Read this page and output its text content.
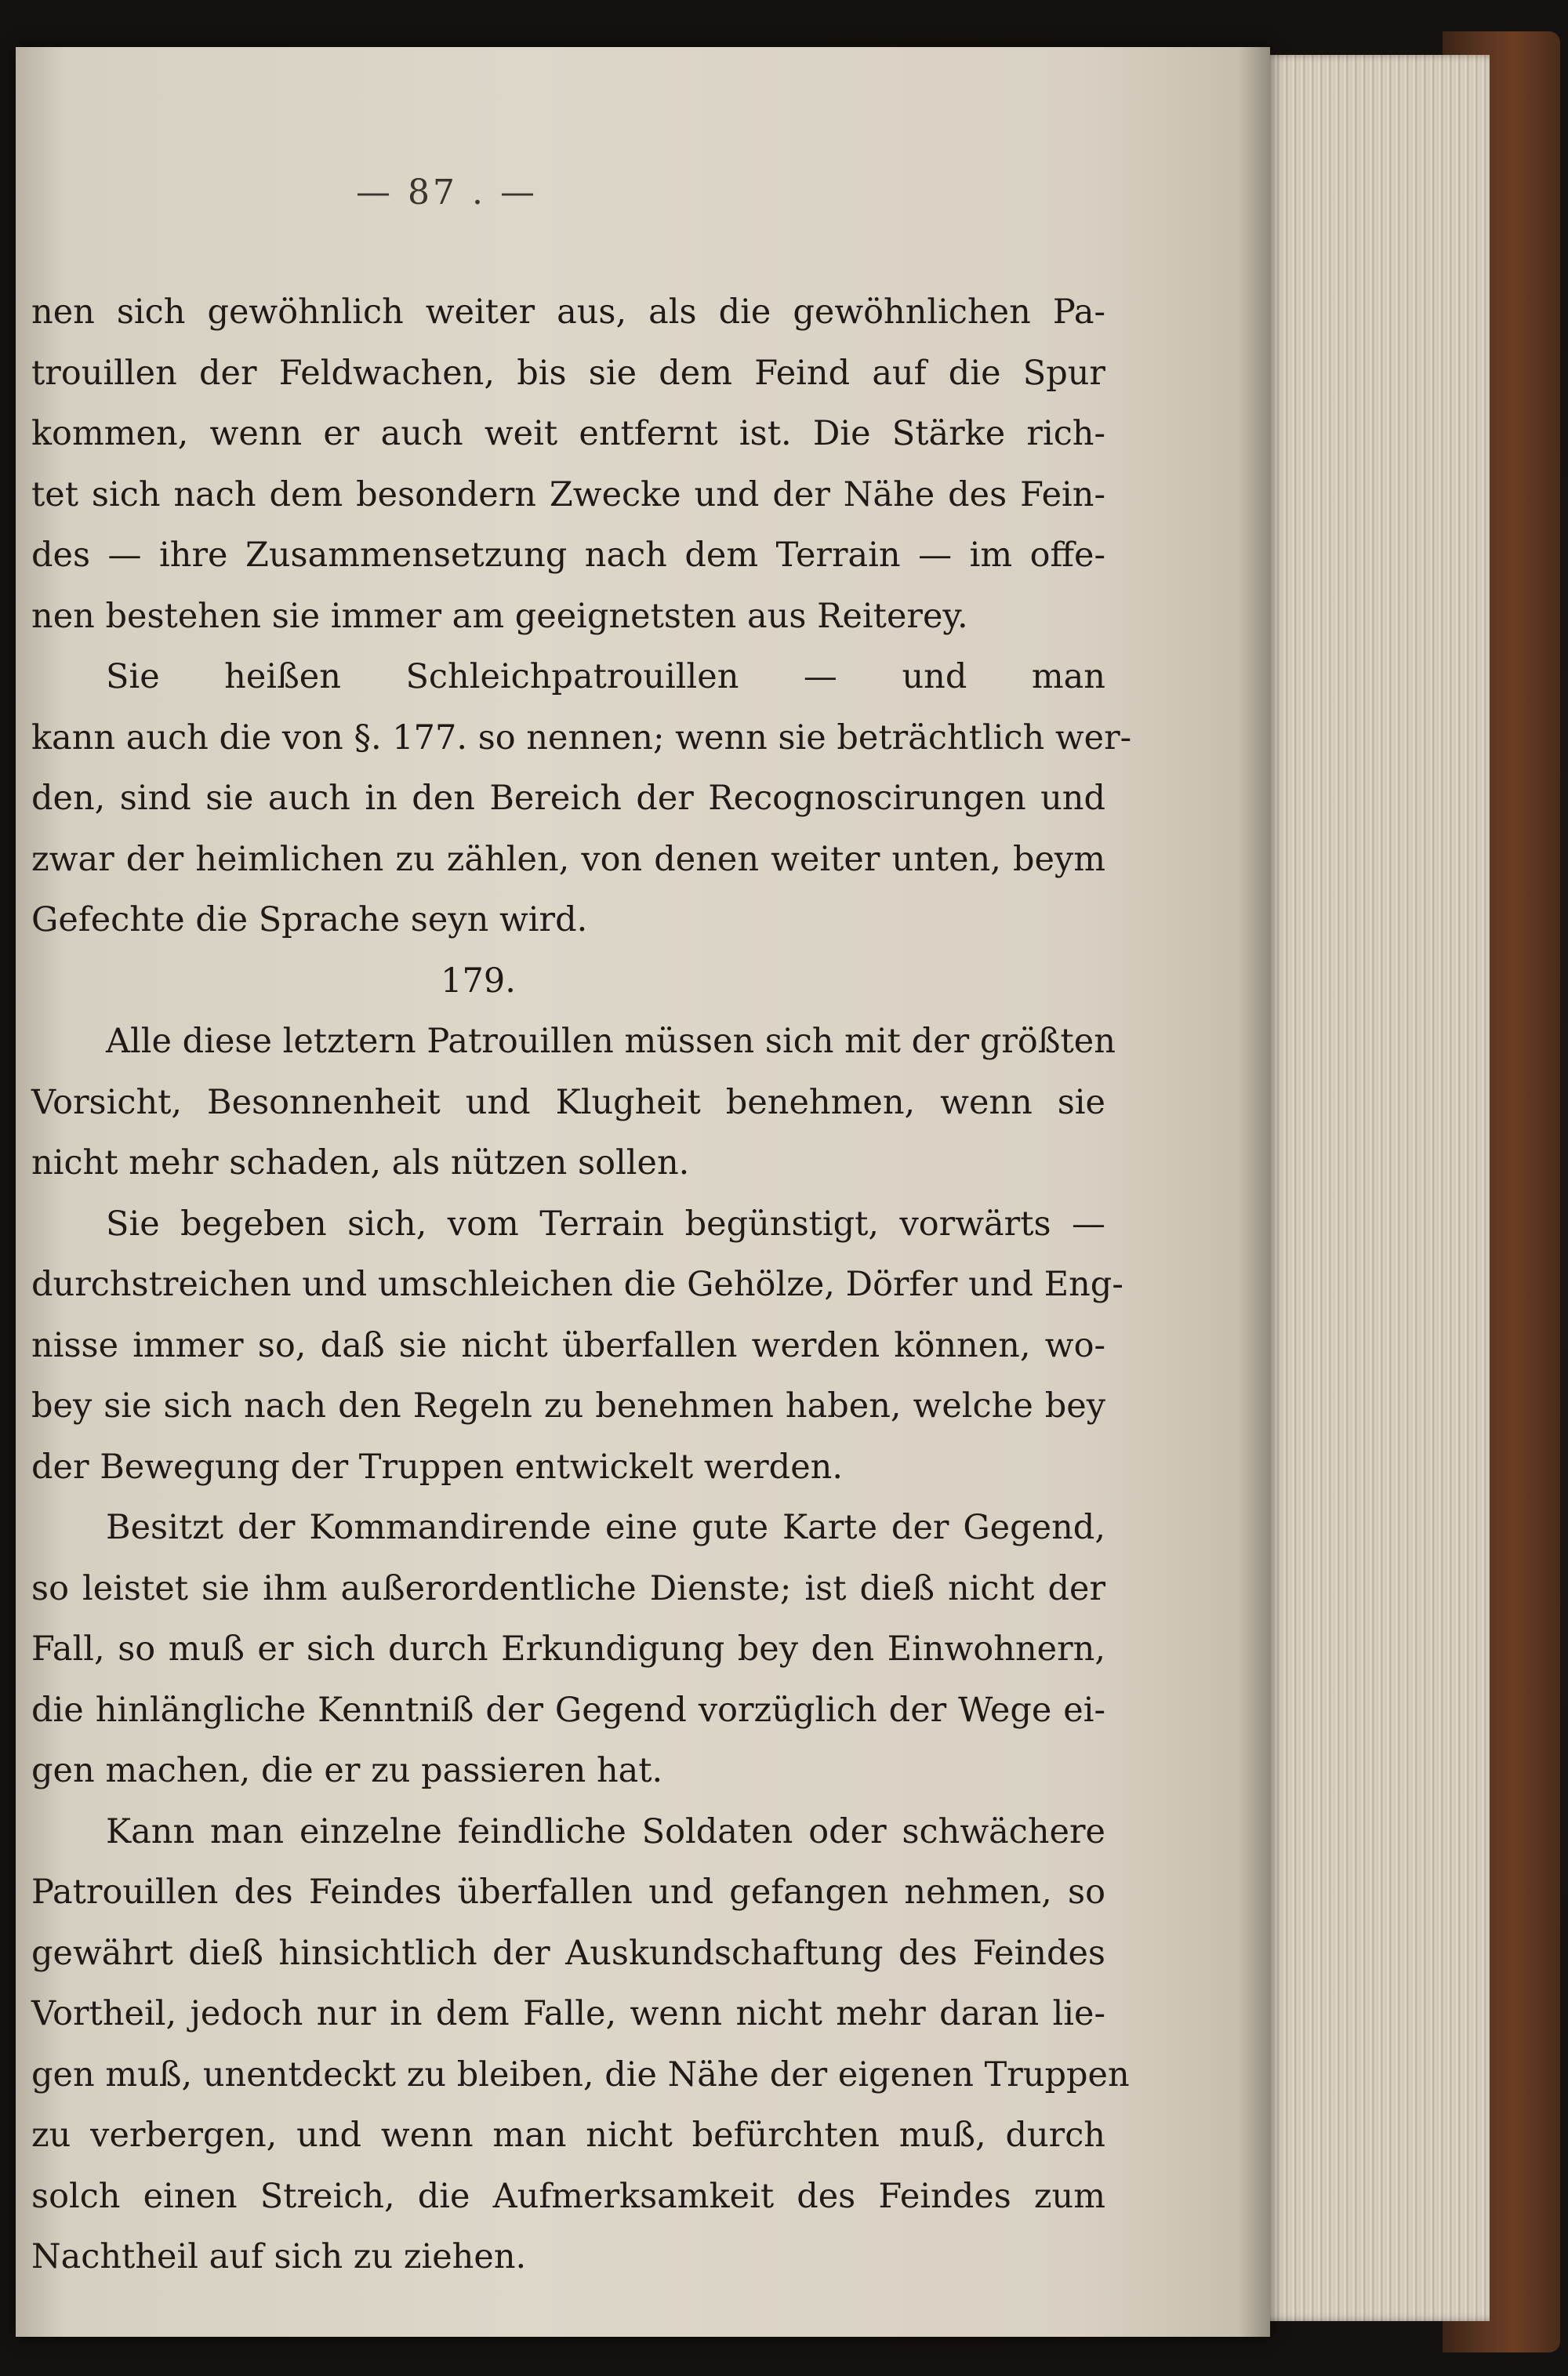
— 87 . —
nen sich gewöhnlich weiter aus, als die gewöhnlichen Pa-
trouillen der Feldwachen, bis sie dem Feind auf die Spur
kommen, wenn er auch weit entfernt ist. Die Stärke rich-
tet sich nach dem besondern Zwecke und der Nähe des Fein-
des — ihre Zusammensetzung nach dem Terrain — im offe-
nen bestehen sie immer am geeignetsten aus Reiterey.
Sie heißen Schleichpatrouillen — und man
kann auch die von §. 177. so nennen; wenn sie beträchtlich wer-
den, sind sie auch in den Bereich der Recognoscirungen und
zwar der heimlichen zu zählen, von denen weiter unten, beym
Gefechte die Sprache seyn wird.
179.
Alle diese letztern Patrouillen müssen sich mit der größten
Vorsicht, Besonnenheit und Klugheit benehmen, wenn sie
nicht mehr schaden, als nützen sollen.
Sie begeben sich, vom Terrain begünstigt, vorwärts —
durchstreichen und umschleichen die Gehölze, Dörfer und Eng-
nisse immer so, daß sie nicht überfallen werden können, wo-
bey sie sich nach den Regeln zu benehmen haben, welche bey
der Bewegung der Truppen entwickelt werden.
Besitzt der Kommandirende eine gute Karte der Gegend,
so leistet sie ihm außerordentliche Dienste; ist dieß nicht der
Fall, so muß er sich durch Erkundigung bey den Einwohnern,
die hinlängliche Kenntniß der Gegend vorzüglich der Wege ei-
gen machen, die er zu passieren hat.
Kann man einzelne feindliche Soldaten oder schwächere
Patrouillen des Feindes überfallen und gefangen nehmen, so
gewährt dieß hinsichtlich der Auskundschaftung des Feindes
Vortheil, jedoch nur in dem Falle, wenn nicht mehr daran lie-
gen muß, unentdeckt zu bleiben, die Nähe der eigenen Truppen
zu verbergen, und wenn man nicht befürchten muß, durch
solch einen Streich, die Aufmerksamkeit des Feindes zum
Nachtheil auf sich zu ziehen.
